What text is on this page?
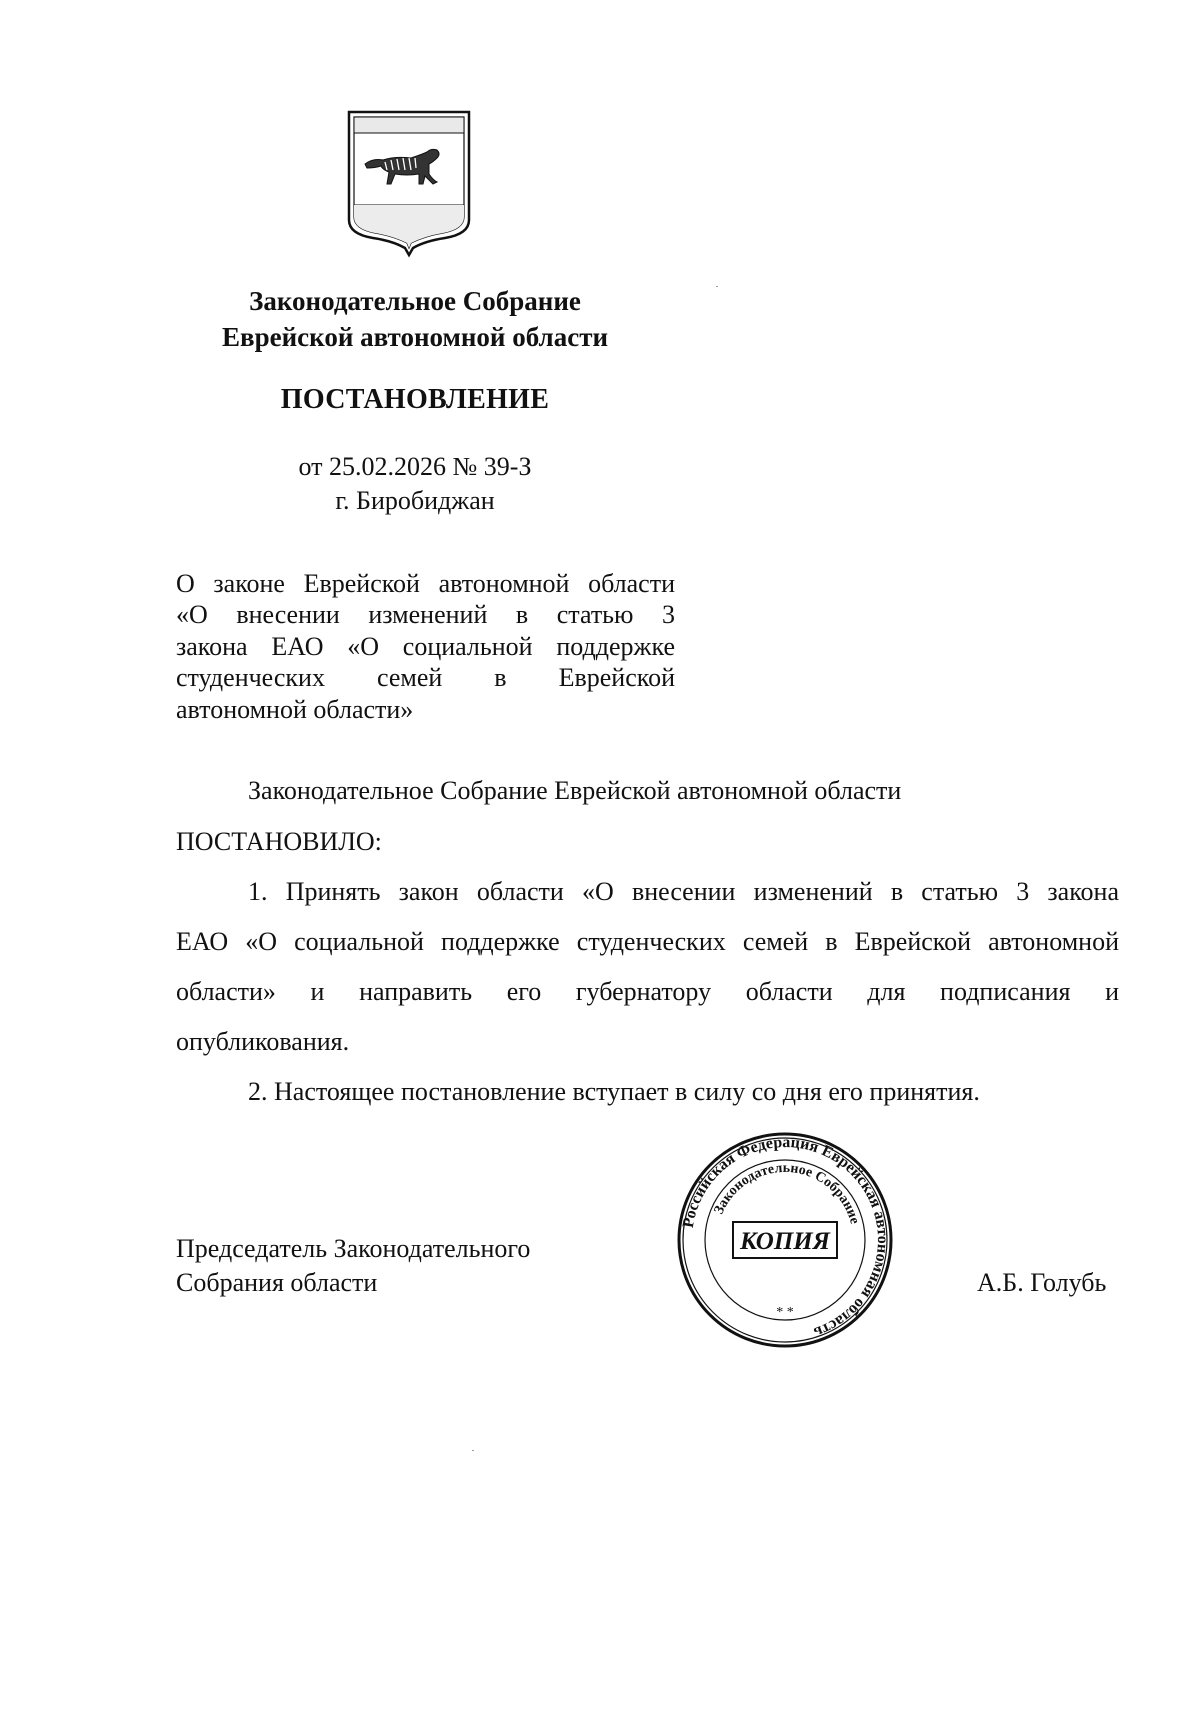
Законодательное Собрание
Еврейской автономной области
ПОСТАНОВЛЕНИЕ
от 25.02.2026 № 39-З
г. Биробиджан
О законе Еврейской автономной области
«О внесении изменений в статью 3
закона ЕАО «О социальной поддержке
студенческих семей в Еврейской
автономной области»
Законодательное Собрание Еврейской автономной области
ПОСТАНОВИЛО:
1. Принять закон области «О внесении изменений в статью 3 закона
ЕАО «О социальной поддержке студенческих семей в Еврейской автономной
области» и направить его губернатору области для подписания и
опубликования.
2. Настоящее постановление вступает в силу со дня его принятия.
Председатель Законодательного
Собрания области	А.Б. Голубь
Российская Федерация Еврейская автономная область
Законодательное Собрание
КОПИЯ
* *
